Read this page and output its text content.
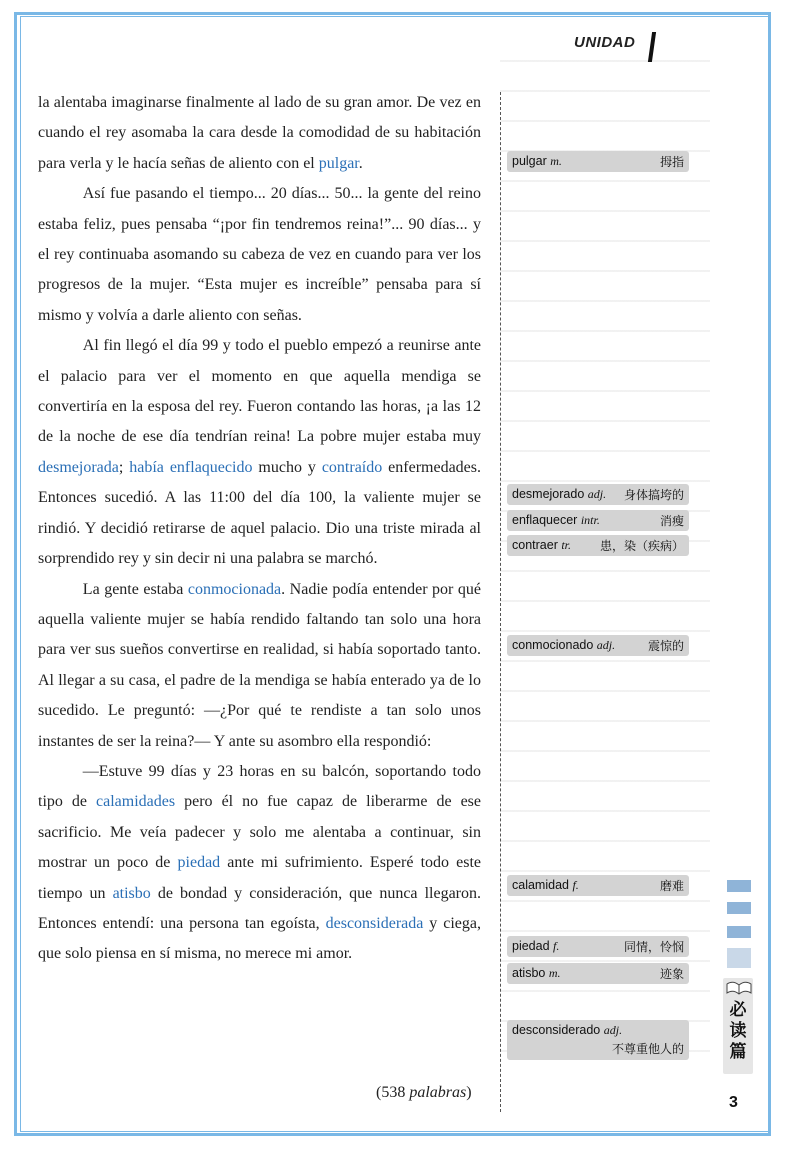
UNIDAD

la alentaba imaginarse finalmente al lado de su gran amor. De vez en cuando el rey asomaba la cara desde la comodidad de su habitación para verla y le hacía señas de aliento con el pulgar.

Así fue pasando el tiempo... 20 días... 50... la gente del reino estaba feliz, pues pensaba “¡por fin tendremos reina!”... 90 días... y el rey continuaba asomando su cabeza de vez en cuando para ver los progresos de la mujer. “Esta mujer es increíble” pensaba para sí mismo y volvía a darle aliento con señas.

Al fin llegó el día 99 y todo el pueblo empezó a reunirse ante el palacio para ver el momento en que aquella mendiga se convertiría en la esposa del rey. Fueron contando las horas, ¡a las 12 de la noche de ese día tendrían reina! La pobre mujer estaba muy desmejorada; había enflaquecido mucho y contraído enfermedades. Entonces sucedió. A las 11:00 del día 100, la valiente mujer se rindió. Y decidió retirarse de aquel palacio. Dio una triste mirada al sorprendido rey y sin decir ni una palabra se marchó.

La gente estaba conmocionada. Nadie podía entender por qué aquella valiente mujer se había rendido faltando tan solo una hora para ver sus sueños convertirse en realidad, si había soportado tanto. Al llegar a su casa, el padre de la mendiga se había enterado ya de lo sucedido. Le preguntó: —¿Por qué te rendiste a tan solo unos instantes de ser la reina?— Y ante su asombro ella respondió:

—Estuve 99 días y 23 horas en su balcón, soportando todo tipo de calamidades pero él no fue capaz de liberarme de ese sacrificio. Me veía padecer y solo me alentaba a continuar, sin mostrar un poco de piedad ante mi sufrimiento. Esperé todo este tiempo un atisbo de bondad y consideración, que nunca llegaron. Entonces entendí: una persona tan egoísta, desconsiderada y ciega, que solo piensa en sí misma, no merece mi amor.

(538 palabras)
pulgar m.	拇指
desmejorado adj. 身体搞垮的
enflaquecer intr.	消瘦
contraer tr. 患，染（疾病）
conmocionado adj.	震惊的
calamidad f.	磨难
piedad f.	同情，怜悯
atisbo m.	迹象
desconsiderado adj.
不尊重他人的
必读篇
3
